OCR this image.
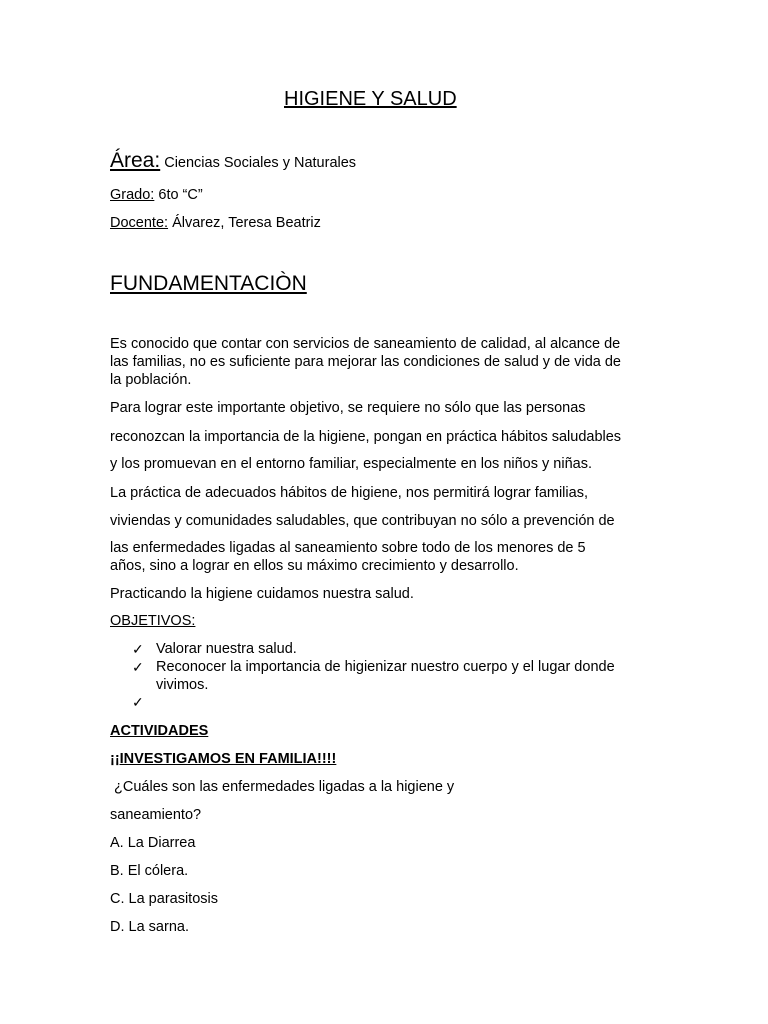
HIGIENE Y SALUD
Área: Ciencias Sociales y Naturales
Grado: 6to “C”
Docente: Álvarez, Teresa Beatriz
FUNDAMENTACIÒN
Es conocido que contar con servicios de saneamiento de calidad, al alcance de
las familias, no es suficiente para mejorar las condiciones de salud y de vida de
la población.
Para lograr este importante objetivo, se requiere no sólo que las personas
reconozcan la importancia de la higiene, pongan en práctica hábitos saludables
y los promuevan en el entorno familiar, especialmente en los niños y niñas.
La práctica de adecuados hábitos de higiene, nos permitirá lograr familias,
viviendas y comunidades saludables, que contribuyan no sólo a prevención de
las enfermedades ligadas al saneamiento sobre todo de los menores de 5
años, sino a lograr en ellos su máximo crecimiento y desarrollo.
Practicando la higiene cuidamos nuestra salud.
OBJETIVOS:
✓ Valorar nuestra salud.
✓ Reconocer la importancia de higienizar nuestro cuerpo y el lugar donde
vivimos.
✓
ACTIVIDADES
¡¡INVESTIGAMOS EN FAMILIA!!!!
¿Cuáles son las enfermedades ligadas a la higiene y
saneamiento?
A. La Diarrea
B. El cólera.
C. La parasitosis
D. La sarna.
